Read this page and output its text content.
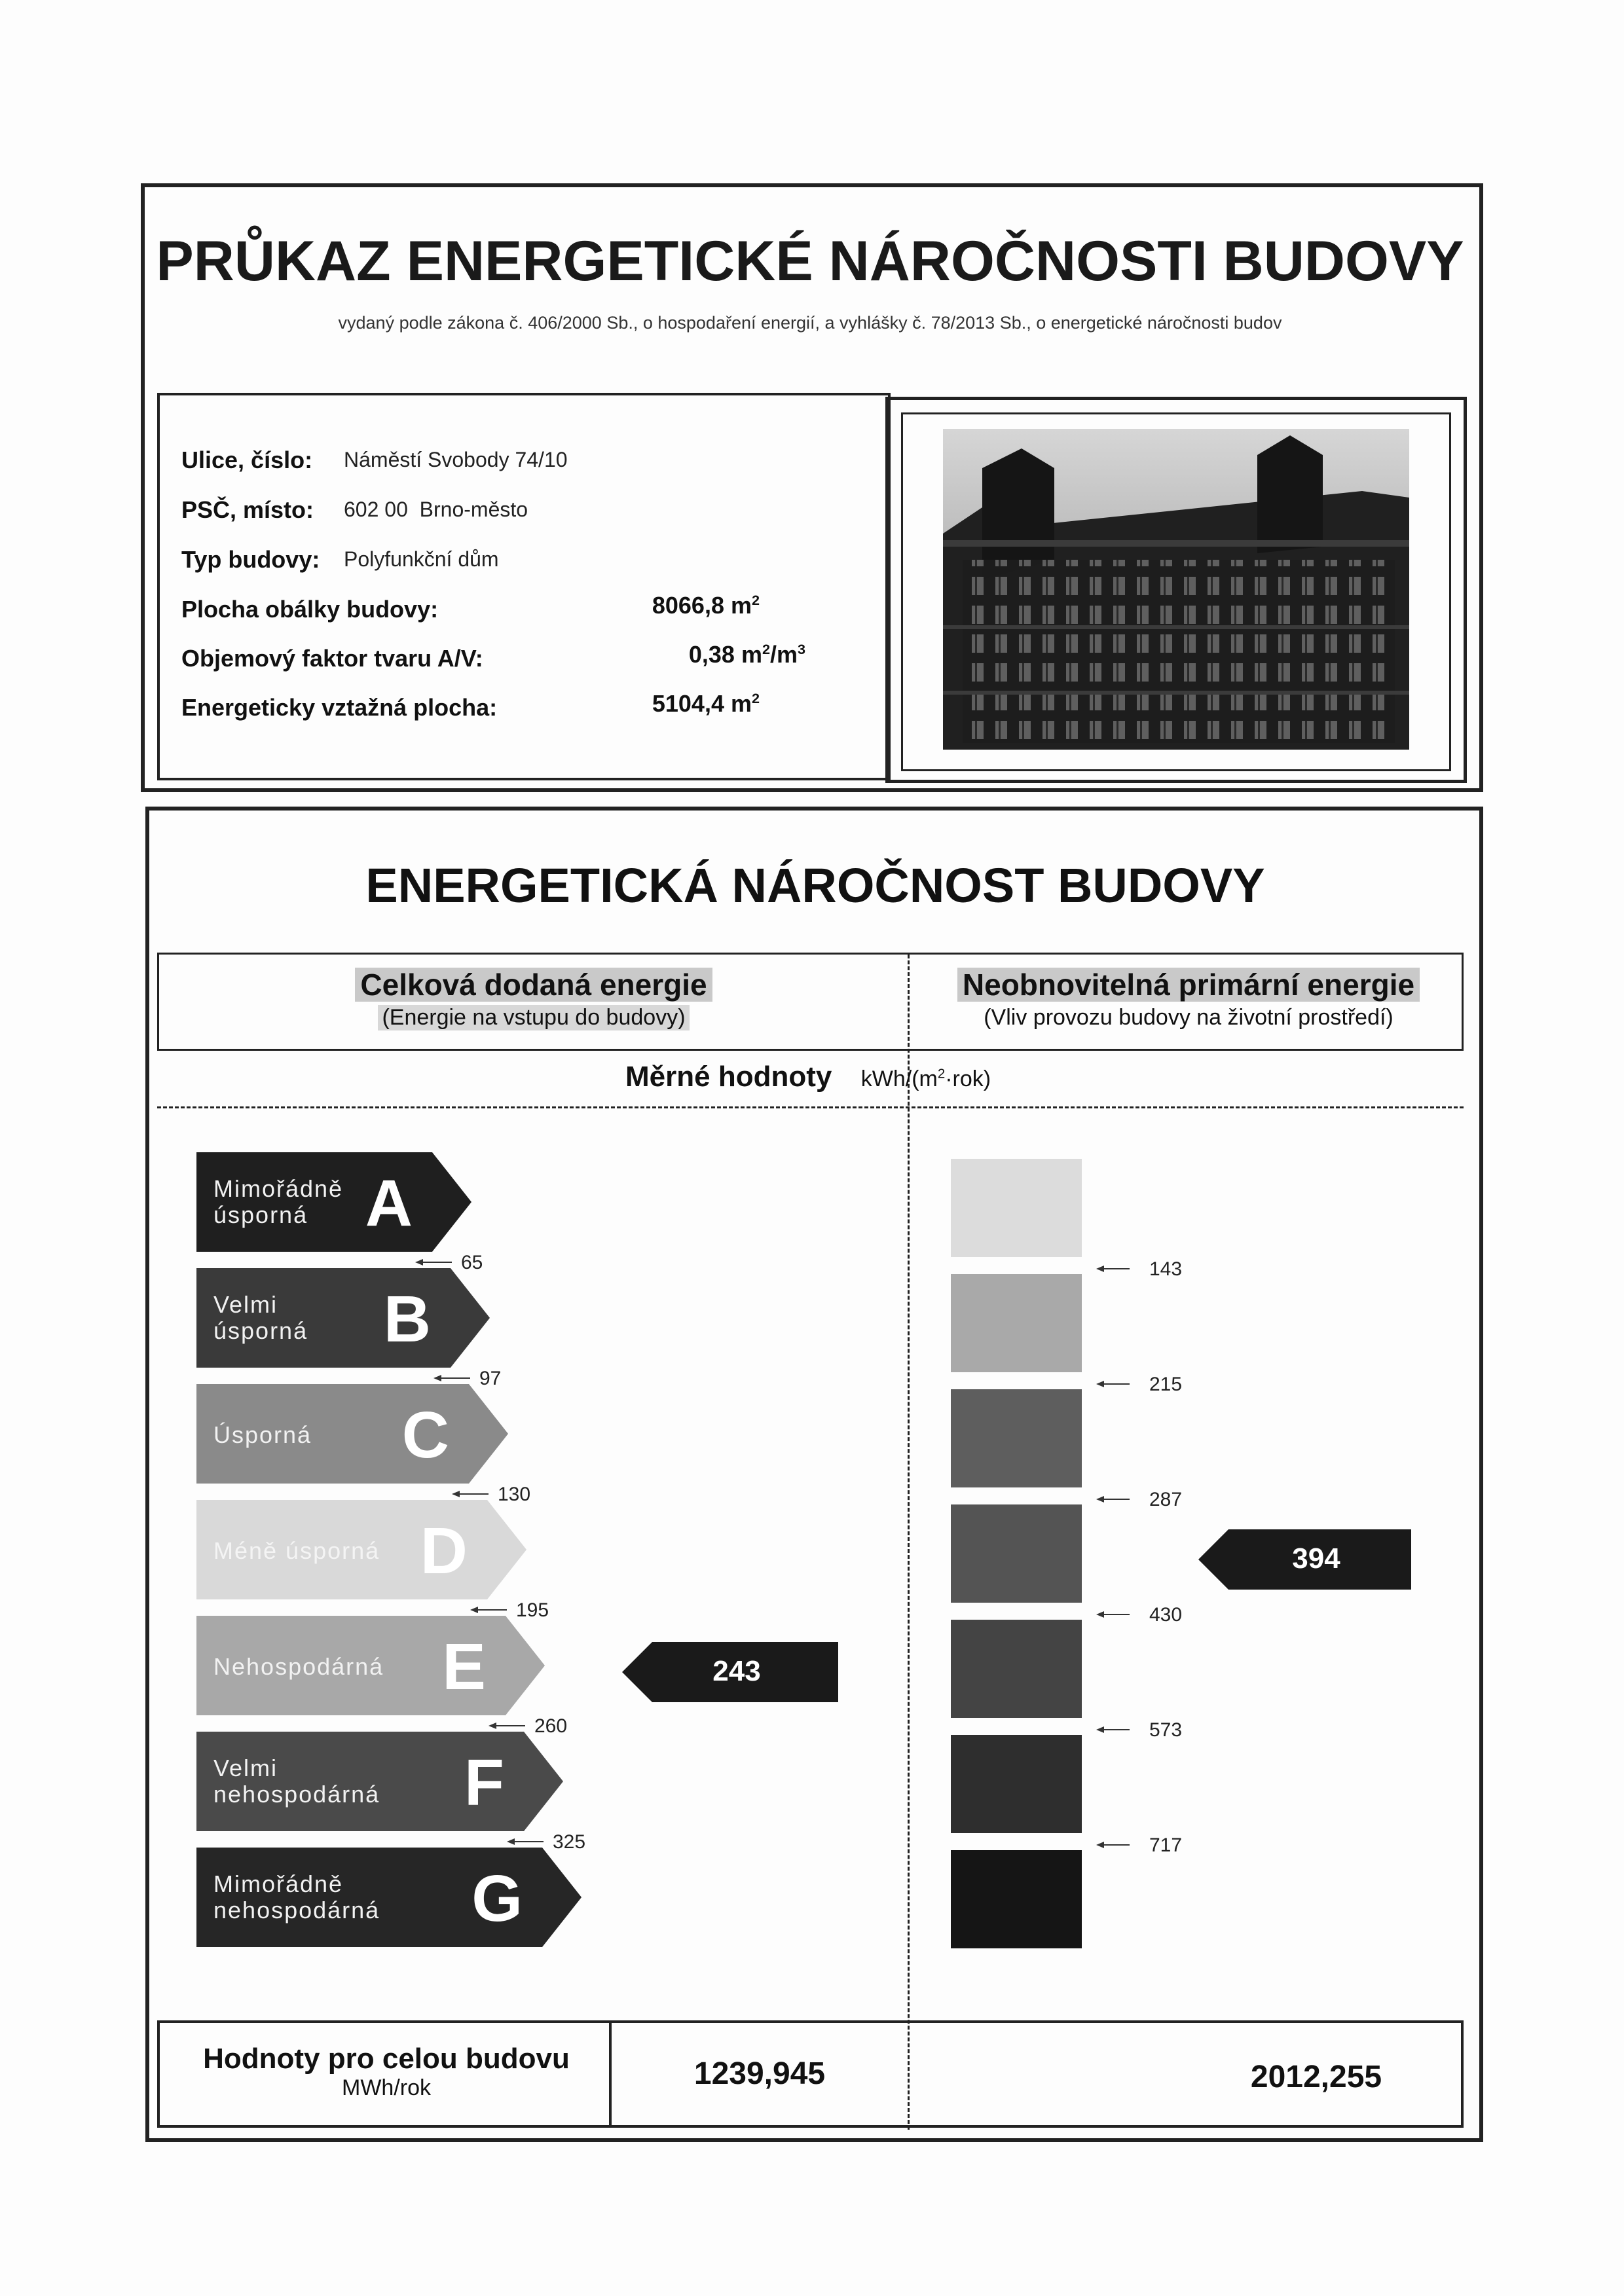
PRŮKAZ ENERGETICKÉ NÁROČNOSTI BUDOVY
vydaný podle zákona č. 406/2000 Sb., o hospodaření energií, a vyhlášky č. 78/2013 Sb., o energetické náročnosti budov
Ulice, číslo: Náměstí Svobody 74/10
PSČ, místo: 602 00  Brno-město
Typ budovy: Polyfunkční dům
Plocha obálky budovy:	8066,8 $m^2$
Objemový faktor tvaru A/V:	0,38 $m^2/m^3$
Energeticky vztažná plocha:	5104,4 $m^2$
ENERGETICKÁ NÁROČNOST BUDOVY
Celková dodaná energie
(Energie na vstupu do budovy)
Neobnovitelná primární energie
(Vliv provozu budovy na životní prostředí)
Měrné hodnoty kWh/$(m^2\cdot rok)$
Mimořádně
úsporná A
Velmi
úsporná B
Úsporná C
Méně úsporná D
Nehospodárná E
Velmi
nehospodárná F
Mimořádně
nehospodárná G
65
97
130
195
260
325
143
215
287
430
573
717
243
394
Hodnoty pro celou budovu
MWh/rok	1239,945	2012,255
